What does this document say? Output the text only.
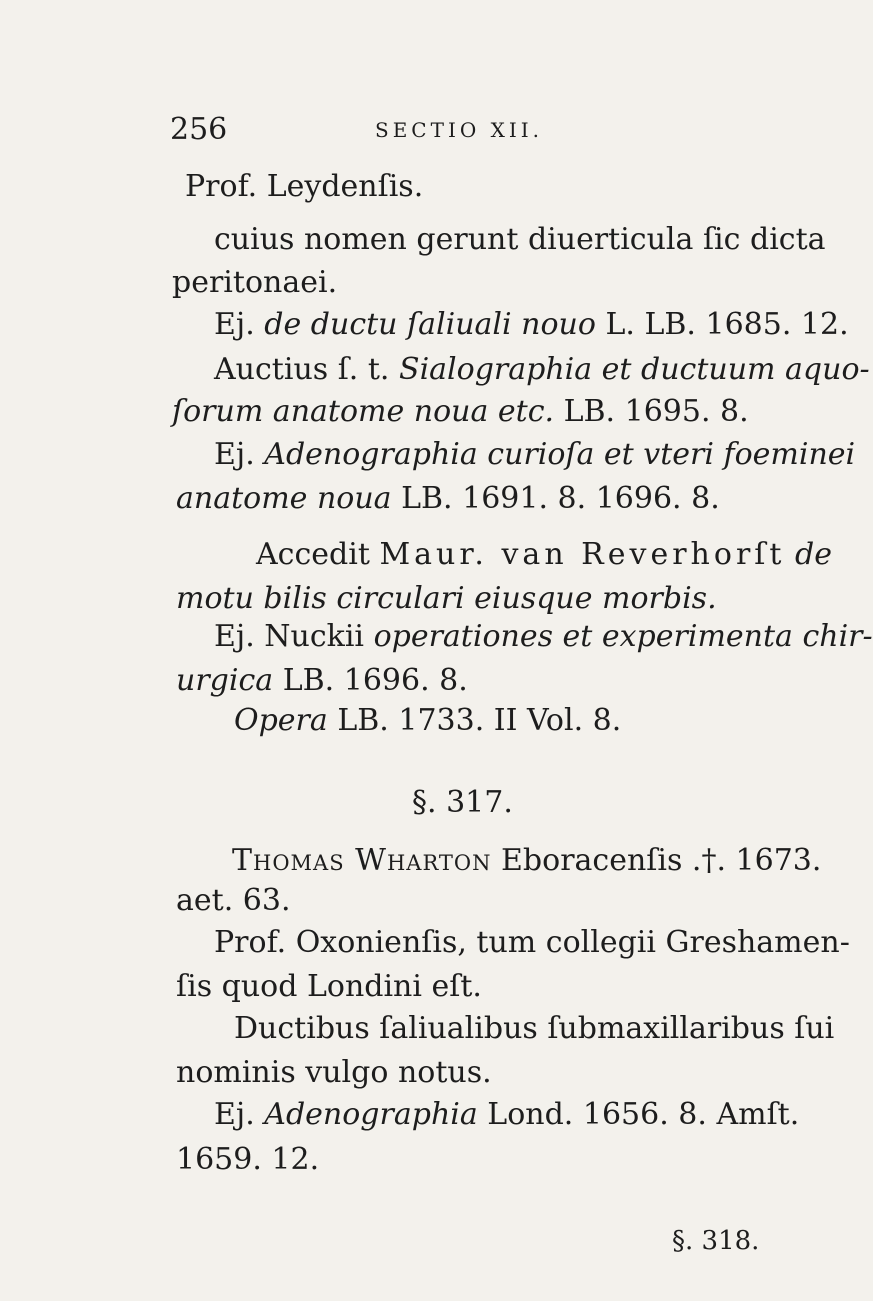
256	SECTIO XII.
Prof. Leydenſis.
cuius nomen gerunt diuerticula ſic dicta
peritonaei.
Ej. de ductu ſaliuali nouo L. LB. 1685. 12.
Auctius ſ. t. Sialographia et ductuum aquo-
ſorum anatome noua etc. LB. 1695. 8.
Ej. Adenographia curioſa et vteri foeminei
anatome noua LB. 1691. 8. 1696. 8.
Accedit Maur. van Reverhorſt de
motu bilis circulari eiusque morbis.
Ej. Nuckii operationes et experimenta chir-
urgica LB. 1696. 8.
Opera LB. 1733. II Vol. 8.
§. 317.
Thomas Wharton Eboracenſis .†. 1673.
aet. 63.
Prof. Oxonienſis, tum collegii Greshamen-
ſis quod Londini eſt.
Ductibus ſaliualibus ſubmaxillaribus ſui
nominis vulgo notus.
Ej. Adenographia Lond. 1656. 8. Amſt.
1659. 12.
§. 318.
